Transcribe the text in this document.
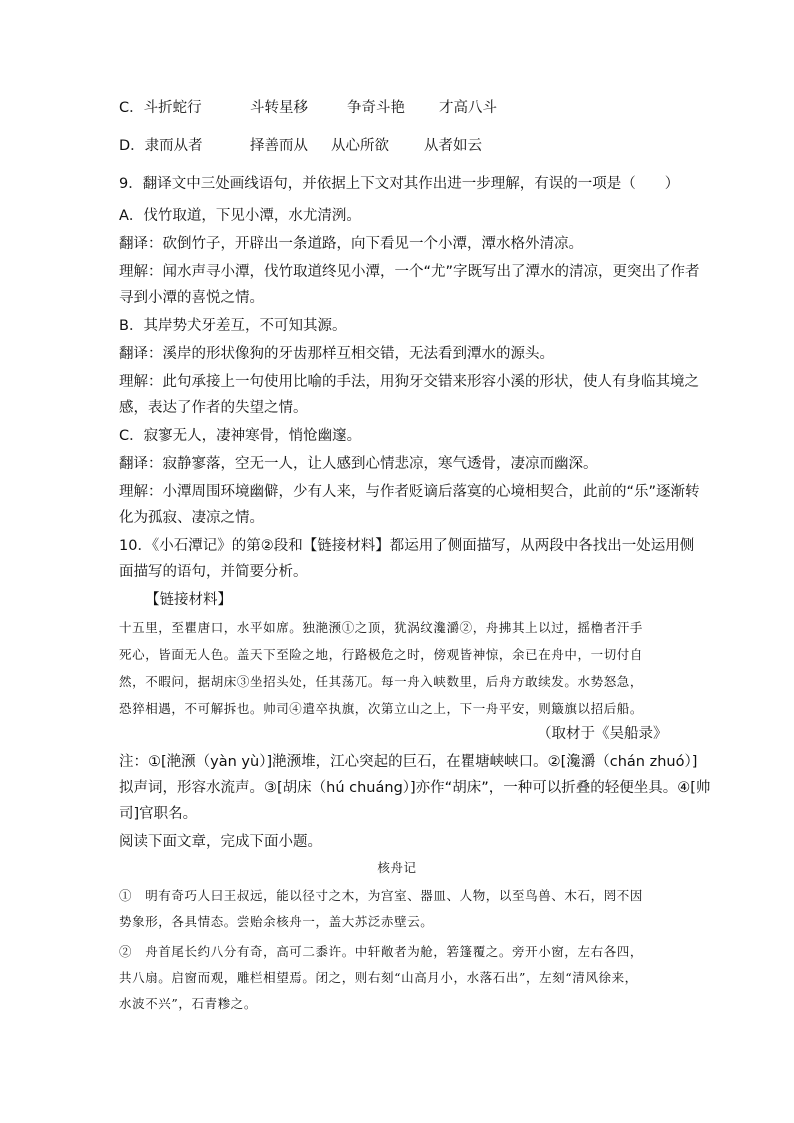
C．斗折蛇行	斗转星移	争奇斗艳 才高八斗
D．隶而从者	择善而从 从心所欲 从者如云
9．翻译文中三处画线语句，并依据上下文对其作出进一步理解，有误的一项是（　　）
A．伐竹取道，下见小潭，水尤清洌。
翻译：砍倒竹子，开辟出一条道路，向下看见一个小潭，潭水格外清凉。
理解：闻水声寻小潭，伐竹取道终见小潭，一个“尤”字既写出了潭水的清凉，更突出了作者
寻到小潭的喜悦之情。
B．其岸势犬牙差互，不可知其源。
翻译：溪岸的形状像狗的牙齿那样互相交错，无法看到潭水的源头。
理解：此句承接上一句使用比喻的手法，用狗牙交错来形容小溪的形状，使人有身临其境之
感，表达了作者的失望之情。
C．寂寥无人，凄神寒骨，悄怆幽邃。
翻译：寂静寥落，空无一人，让人感到心情悲凉，寒气透骨，凄凉而幽深。
理解：小潭周围环境幽僻，少有人来，与作者贬谪后落寞的心境相契合，此前的“乐”逐渐转
化为孤寂、凄凉之情。
10．《小石潭记》的第②段和【链接材料】都运用了侧面描写，从两段中各找出一处运用侧
面描写的语句，并简要分析。
【链接材料】
十五里，至瞿唐口，水平如席。独滟滪①之顶，犹涡纹瀺灂②，舟拂其上以过，摇橹者汗手
死心，皆面无人色。盖天下至险之地，行路极危之时，傍观皆神惊，余已在舟中，一切付自
然，不暇问，据胡床③坐招头处，任其荡兀。每一舟入峡数里，后舟方敢续发。水势怒急，
恐猝相遇，不可解拆也。帅司④遣卒执旗，次第立山之上，下一舟平安，则簸旗以招后船。
（取材于《吴船录》
注：①[滟滪（yàn yù）]滟滪堆，江心突起的巨石，在瞿塘峡峡口。②[瀺灂（chán zhuó）]
拟声词，形容水流声。③[胡床（hú chuáng）]亦作“胡床”，一种可以折叠的轻便坐具。④[帅
司]官职名。
阅读下面文章，完成下面小题。
核舟记
①　明有奇巧人曰王叔远，能以径寸之木，为宫室、器皿、人物，以至鸟兽、木石，罔不因
势象形，各具情态。尝贻余核舟一，盖大苏泛赤壁云。
②　舟首尾长约八分有奇，高可二黍许。中轩敞者为舱，箬篷覆之。旁开小窗，左右各四，
共八扇。启窗而观，雕栏相望焉。闭之，则右刻“山高月小，水落石出”，左刻“清风徐来，
水波不兴”，石青糁之。
